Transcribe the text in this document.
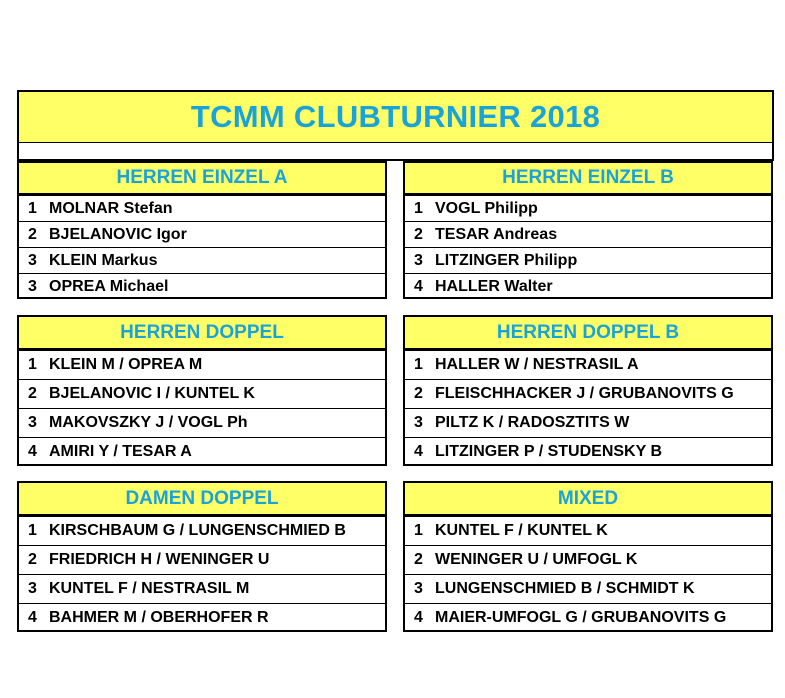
TCMM CLUBTURNIER 2018
HERREN EINZEL A
1 MOLNAR Stefan
2 BJELANOVIC Igor
3 KLEIN Markus
3 OPREA Michael
HERREN EINZEL B
1 VOGL Philipp
2 TESAR Andreas
3 LITZINGER Philipp
4 HALLER Walter
HERREN DOPPEL
1 KLEIN M / OPREA M
2 BJELANOVIC I / KUNTEL K
3 MAKOVSZKY J / VOGL Ph
4 AMIRI Y / TESAR A
HERREN DOPPEL B
1 HALLER W / NESTRASIL A
2 FLEISCHHACKER J / GRUBANOVITS G
3 PILTZ K / RADOSZTITS W
4 LITZINGER P / STUDENSKY B
DAMEN DOPPEL
1 KIRSCHBAUM G / LUNGENSCHMIED B
2 FRIEDRICH H / WENINGER U
3 KUNTEL F / NESTRASIL M
4 BAHMER M / OBERHOFER R
MIXED
1 KUNTEL F / KUNTEL K
2 WENINGER U / UMFOGL K
3 LUNGENSCHMIED B / SCHMIDT K
4 MAIER-UMFOGL G / GRUBANOVITS G
